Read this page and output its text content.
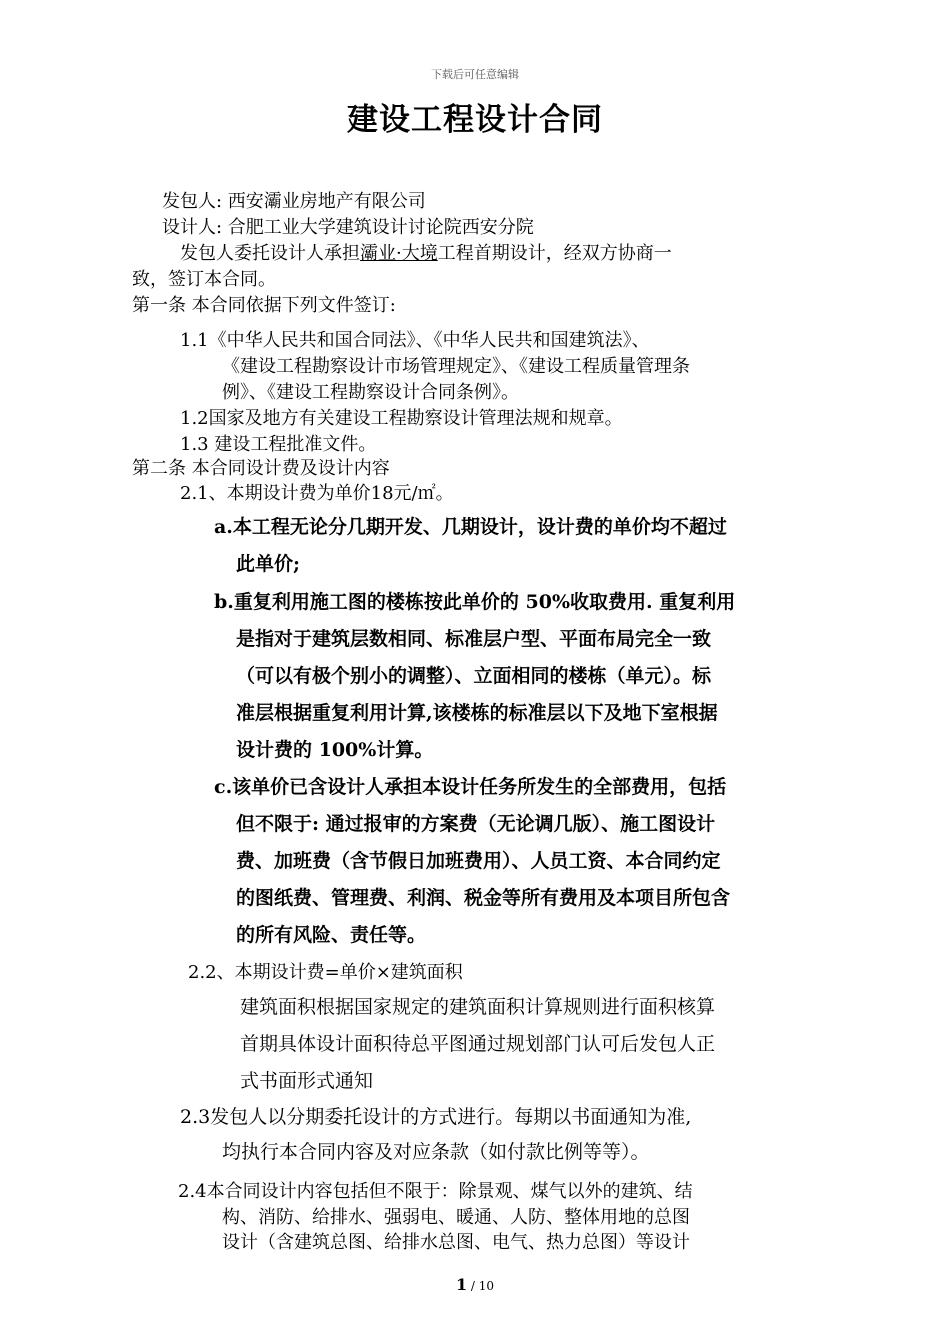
下载后可任意编辑
建设工程设计合同
发包人: 西安灞业房地产有限公司
设计人: 合肥工业大学建筑设计讨论院西安分院
发包人委托设计人承担灞业·大境工程首期设计，经双方协商一
致，签订本合同。
第一条 本合同依据下列文件签订:
1.1《中华人民共和国合同法》、《中华人民共和国建筑法》、
《建设工程勘察设计市场管理规定》、《建设工程质量管理条
例》、《建设工程勘察设计合同条例》。
1.2国家及地方有关建设工程勘察设计管理法规和规章。
1.3 建设工程批准文件。
第二条 本合同设计费及设计内容
2.1、本期设计费为单价18元/㎡。
a.本工程无论分几期开发、几期设计，设计费的单价均不超过
此单价;
b.重复利用施工图的楼栋按此单价的 50%收取费用. 重复利用
是指对于建筑层数相同、标准层户型、平面布局完全一致
（可以有极个别小的调整）、立面相同的楼栋（单元）。标
准层根据重复利用计算,该楼栋的标准层以下及地下室根据
设计费的 100%计算。
c.该单价已含设计人承担本设计任务所发生的全部费用，包括
但不限于: 通过报审的方案费（无论调几版）、施工图设计
费、加班费（含节假日加班费用）、人员工资、本合同约定
的图纸费、管理费、利润、税金等所有费用及本项目所包含
的所有风险、责任等。
2.2、本期设计费=单价×建筑面积
建筑面积根据国家规定的建筑面积计算规则进行面积核算
首期具体设计面积待总平图通过规划部门认可后发包人正
式书面形式通知
2.3发包人以分期委托设计的方式进行。每期以书面通知为准,
均执行本合同内容及对应条款（如付款比例等等）。
2.4本合同设计内容包括但不限于：除景观、煤气以外的建筑、结
构、消防、给排水、强弱电、暖通、人防、整体用地的总图
设计（含建筑总图、给排水总图、电气、热力总图）等设计
1 / 10
